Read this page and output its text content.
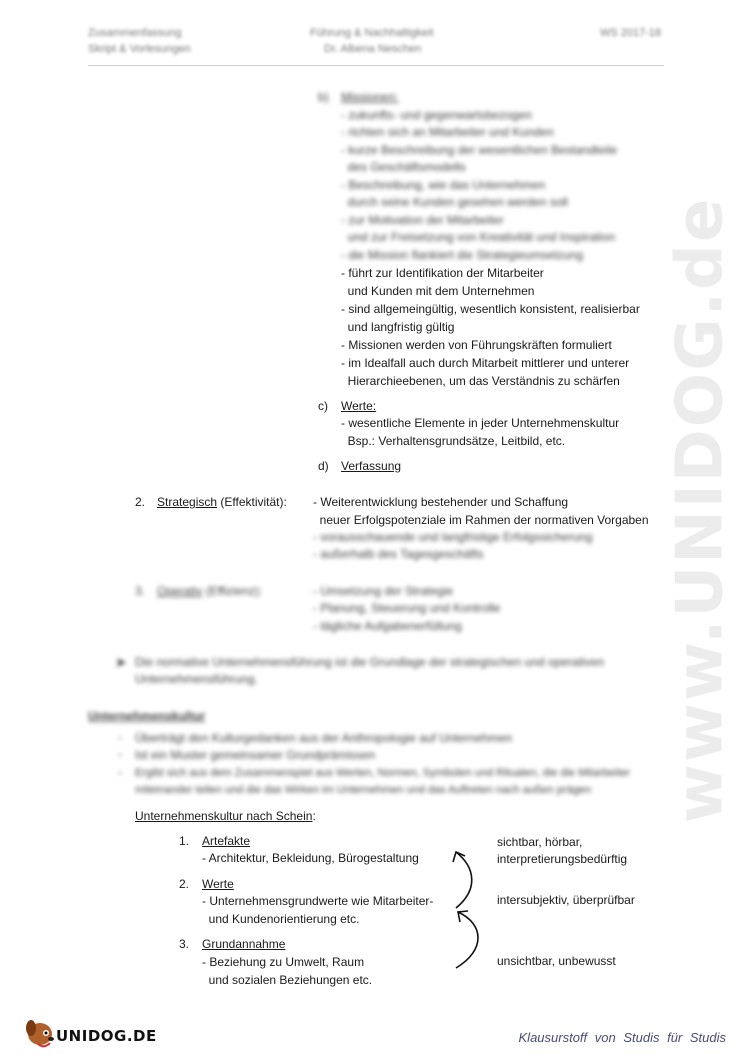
Zusammenfassung
Skript & Vorlesungen
Führung & Nachhaltigkeit
Dr. Albena Neschen
WS 2017-18
b) Missionen:
- zukunfts- und gegenwartsbezogen
- richten sich an Mitarbeiter und Kunden
- kurze Beschreibung der wesentlichen Bestandteile
des Geschäftsmodells
- Beschreibung, wie das Unternehmen
durch seine Kunden gesehen werden soll
- zur Motivation der Mitarbeiter
und zur Freisetzung von Kreativität und Inspiration
- die Mission flankiert die Strategieumsetzung
- führt zur Identifikation der Mitarbeiter
und Kunden mit dem Unternehmen
- sind allgemeingültig, wesentlich konsistent, realisierbar
und langfristig gültig
- Missionen werden von Führungskräften formuliert
- im Idealfall auch durch Mitarbeit mittlerer und unterer
Hierarchieebenen, um das Verständnis zu schärfen
c) Werte:
- wesentliche Elemente in jeder Unternehmenskultur
Bsp.: Verhaltensgrundsätze, Leitbild, etc.
d) Verfassung
2. Strategisch (Effektivität): - Weiterentwicklung bestehender und Schaffung
neuer Erfolgspotenziale im Rahmen der normativen Vorgaben
- vorausschauende und langfristige Erfolgssicherung
- außerhalb des Tagesgeschäfts
3. Operativ (Effizienz):	- Umsetzung der Strategie
- Planung, Steuerung und Kontrolle
- tägliche Aufgabenerfüllung
➤ Die normative Unternehmensführung ist die Grundlage der strategischen und operativen
Unternehmensführung.
Unternehmenskultur
- Überträgt den Kulturgedanken aus der Anthropologie auf Unternehmen
- Ist ein Muster gemeinsamer Grundprämissen
- Ergibt sich aus dem Zusammenspiel aus Werten, Normen, Symbolen und Ritualen, die die Mitarbeiter
miteinander teilen und die das Wirken im Unternehmen und das Auftreten nach außen prägen
Unternehmenskultur nach Schein:
1. Artefakte
- Architektur, Bekleidung, Bürogestaltung
sichtbar, hörbar,
interpretierungsbedürftig
2. Werte
- Unternehmensgrundwerte wie Mitarbeiter-
und Kundenorientierung etc.
intersubjektiv, überprüfbar
3. Grundannahme
- Beziehung zu Umwelt, Raum
und sozialen Beziehungen etc.
unsichtbar, unbewusst
www.UNIDOG.de
UNIDOG.DE	Klausurstoff von Studis für Studis
